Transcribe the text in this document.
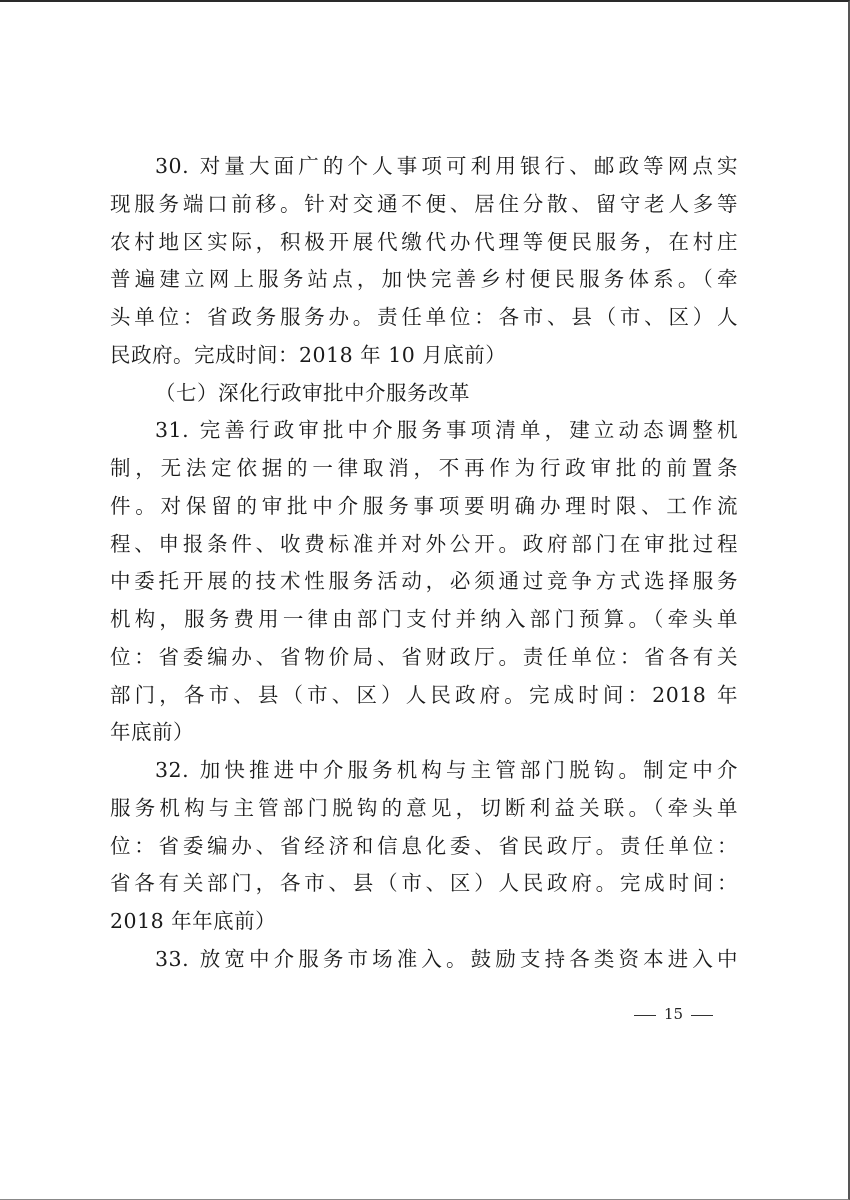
30. 对量大面广的个人事项可利用银行、邮政等网点实
现服务端口前移。针对交通不便、居住分散、留守老人多等
农村地区实际，积极开展代缴代办代理等便民服务，在村庄
普遍建立网上服务站点，加快完善乡村便民服务体系。（牵
头单位：省政务服务办。责任单位：各市、县（市、区）人
民政府。完成时间：2018 年 10 月底前）
（七）深化行政审批中介服务改革
31. 完善行政审批中介服务事项清单，建立动态调整机
制，无法定依据的一律取消，不再作为行政审批的前置条
件。对保留的审批中介服务事项要明确办理时限、工作流
程、申报条件、收费标准并对外公开。政府部门在审批过程
中委托开展的技术性服务活动，必须通过竞争方式选择服务
机构，服务费用一律由部门支付并纳入部门预算。（牵头单
位：省委编办、省物价局、省财政厅。责任单位：省各有关
部门，各市、县（市、区）人民政府。完成时间：2018 年
年底前）
32. 加快推进中介服务机构与主管部门脱钩。制定中介
服务机构与主管部门脱钩的意见，切断利益关联。（牵头单
位：省委编办、省经济和信息化委、省民政厅。责任单位：
省各有关部门，各市、县（市、区）人民政府。完成时间：
2018 年年底前）
33. 放宽中介服务市场准入。鼓励支持各类资本进入中
15
